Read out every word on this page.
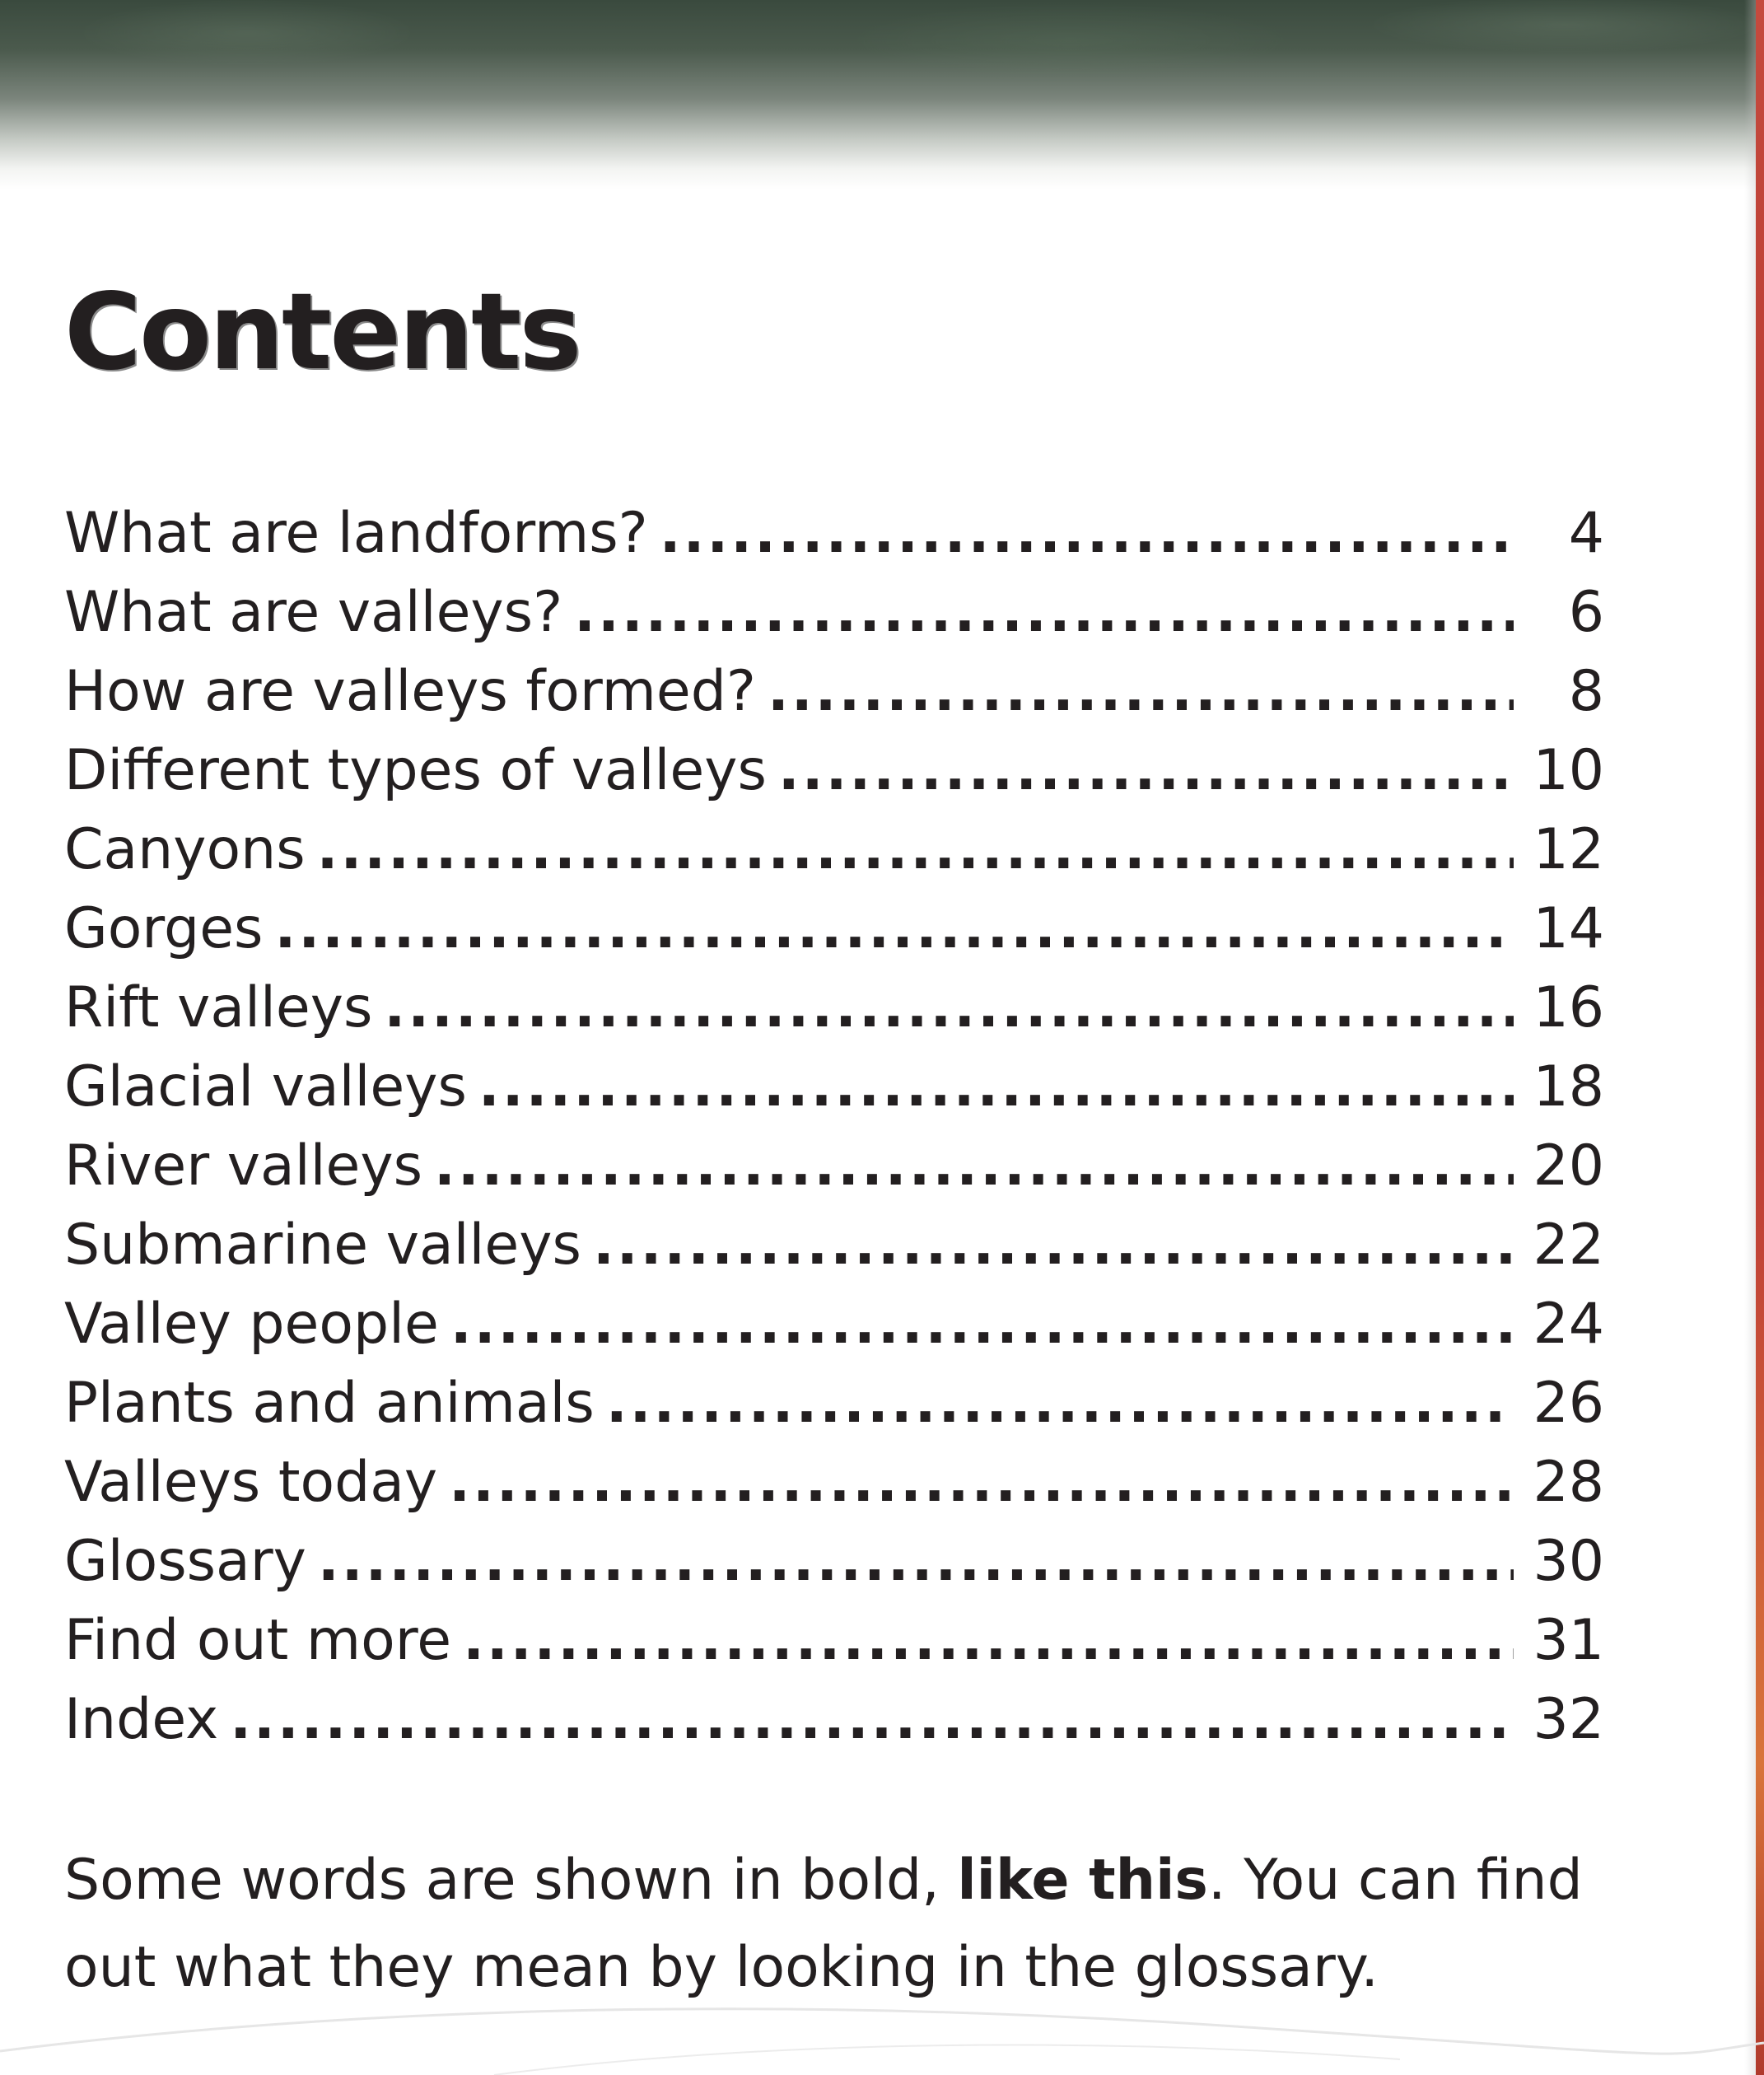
Contents
What are landforms? .....	4
What are valleys? .....	6
How are valleys formed? .....	8
Different types of valleys .....	10
Canyons .....	12
Gorges .....	14
Rift valleys .....	16
Glacial valleys .....	18
River valleys .....	20
Submarine valleys .....	22
Valley people .....	24
Plants and animals .....	26
Valleys today .....	28
Glossary .....	30
Find out more .....	31
Index .....	32

Some words are shown in bold, like this. You can find out what they mean by looking in the glossary.
